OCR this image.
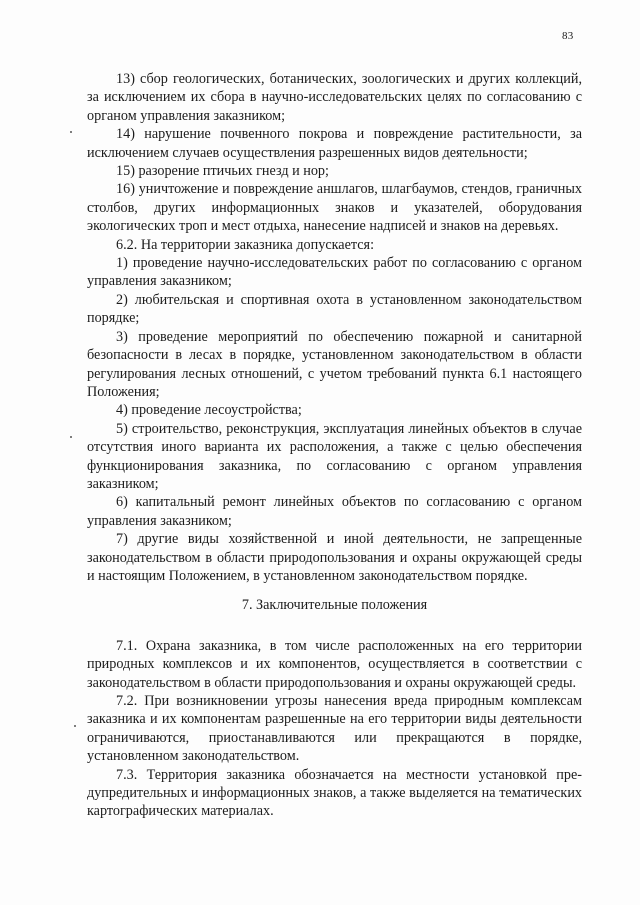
83

13) сбор геологических, ботанических, зоологических и других коллекций, за исключением их сбора в научно-исследовательских целях по согласованию с органом управления заказником;

14) нарушение почвенного покрова и повреждение растительности, за исключением случаев осуществления разрешенных видов деятельности;

15) разорение птичьих гнезд и нор;

16) уничтожение и повреждение аншлагов, шлагбаумов, стендов, граничных столбов, других информационных знаков и указателей, оборудования экологических троп и мест отдыха, нанесение надписей и знаков на деревьях.

6.2. На территории заказника допускается:

1) проведение научно-исследовательских работ по согласованию с органом управления заказником;

2) любительская и спортивная охота в установленном законодательством порядке;

3) проведение мероприятий по обеспечению пожарной и санитарной безопасности в лесах в порядке, установленном законодательством в области регулирования лесных отношений, с учетом требований пункта 6.1 настоящего Положения;

4) проведение лесоустройства;

5) строительство, реконструкция, эксплуатация линейных объектов в случае отсутствия иного варианта их расположения, а также с целью обеспечения функционирования заказника, по согласованию с органом управления заказником;

6) капитальный ремонт линейных объектов по согласованию с органом управления заказником;

7) другие виды хозяйственной и иной деятельности, не запрещенные законодательством в области природопользования и охраны окружающей среды и настоящим Положением, в установленном законодательством порядке.

7. Заключительные положения

7.1. Охрана заказника, в том числе расположенных на его территории природных комплексов и их компонентов, осуществляется в соответствии с законодательством в области природопользования и охраны окружающей среды.

7.2. При возникновении угрозы нанесения вреда природным комплексам заказника и их компонентам разрешенные на его территории виды деятельности ограничиваются, приостанавливаются или прекращаются в порядке, установленном законодательством.

7.3. Территория заказника обозначается на местности установкой предупредительных и информационных знаков, а также выделяется на тематических картографических материалах.
